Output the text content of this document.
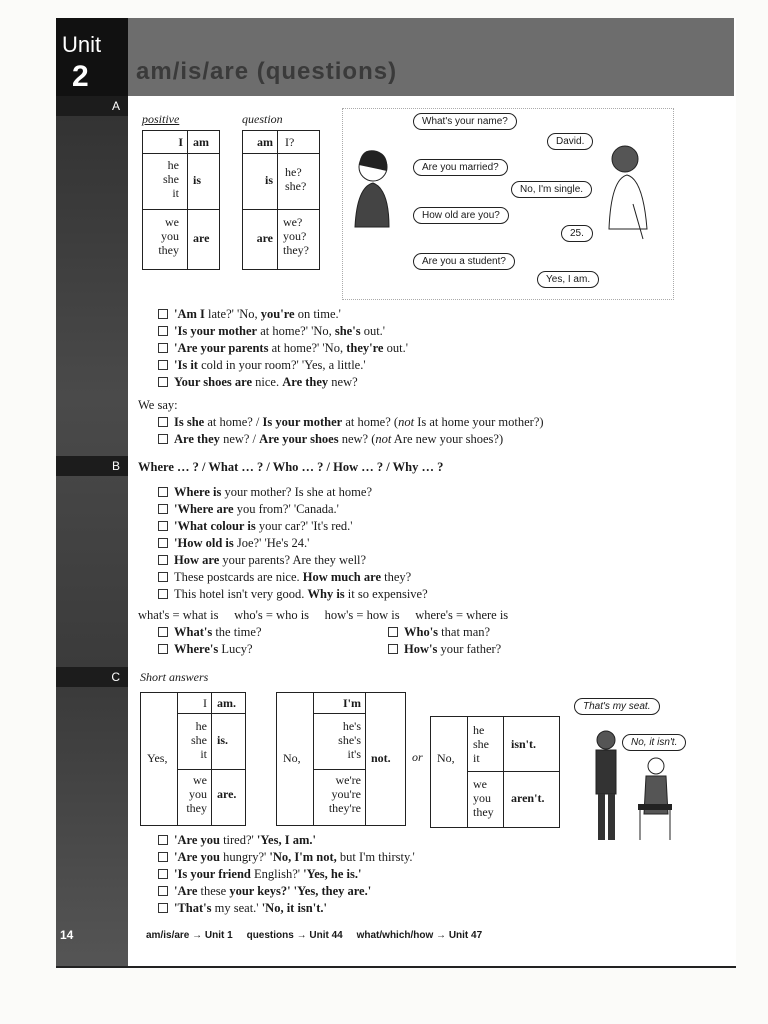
Unit
2 am/is/are (questions)
A
B
C
positive	question
I am
he
she
it
is
we
you
they
are
am I?
is
he?
she?
are
we?
you?
they?
What's your name?
David.
Are you married?
No, I'm single.
How old are you?
25.
Are you a student?
Yes, I am.
'Am I late?' 'No, you're on time.'
'Is your mother at home?' 'No, she's out.'
'Are your parents at home?' 'No, they're out.'
'Is it cold in your room?' 'Yes, a little.'
Your shoes are nice. Are they new?
We say:
Is she at home? / Is your mother at home? (not Is at home your mother?)
Are they new? / Are your shoes new? (not Are new your shoes?)
Where … ? / What … ? / Who … ? / How … ? / Why … ?
Where is your mother? Is she at home?
'Where are you from?' 'Canada.'
'What colour is your car?' 'It's red.'
'How old is Joe?' 'He's 24.'
How are your parents? Are they well?
These postcards are nice. How much are they?
This hotel isn't very good. Why is it so expensive?
what's = what is     who's = who is     how's = how is     where's = where is
What's the time?
Where's Lucy?
Who's that man?
How's your father?
Short answers
Yes,
I am.
he
she
it
is.
we
you
they
are.
No,
I'm
he's
she's
it's
we're
you're
they're
not. or No,
he
she
it
isn't.
we
you
they
aren't.
That's my seat.
No, it isn't.
'Are you tired?' 'Yes, I am.'
'Are you hungry?' 'No, I'm not, but I'm thirsty.'
'Is your friend English?' 'Yes, he is.'
'Are these your keys?' 'Yes, they are.'
'That's my seat.' 'No, it isn't.'
am/is/are → Unit 1     questions → Unit 44     what/which/how → Unit 47
14
